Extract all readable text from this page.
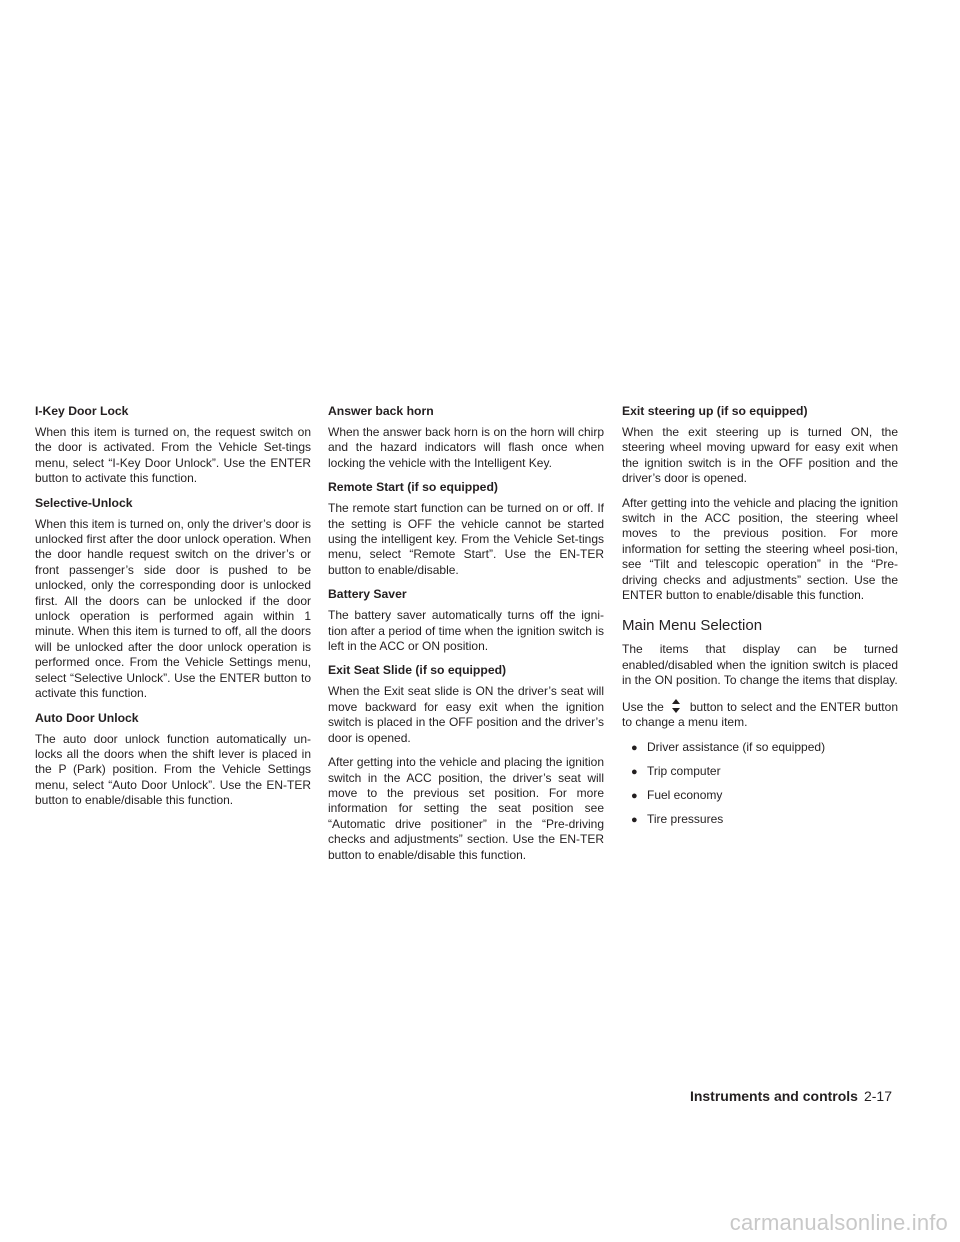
I-Key Door Lock

When this item is turned on, the request switch on the door is activated. From the Vehicle Set-tings menu, select “I-Key Door Unlock”. Use the ENTER button to activate this function.

Selective-Unlock

When this item is turned on, only the driver’s door is unlocked first after the door unlock operation. When the door handle request switch on the driver’s or front passenger’s side door is pushed to be unlocked, only the corresponding door is unlocked first. All the doors can be unlocked if the door unlock operation is performed again within 1 minute. When this item is turned to off, all the doors will be unlocked after the door unlock operation is performed once. From the Vehicle Settings menu, select “Selective Unlock”. Use the ENTER button to activate this function.

Auto Door Unlock

The auto door unlock function automatically un-locks all the doors when the shift lever is placed in the P (Park) position. From the Vehicle Settings menu, select “Auto Door Unlock”. Use the EN-TER button to enable/disable this function.

Answer back horn

When the answer back horn is on the horn will chirp and the hazard indicators will flash once when locking the vehicle with the Intelligent Key.

Remote Start (if so equipped)

The remote start function can be turned on or off. If the setting is OFF the vehicle cannot be started using the intelligent key. From the Vehicle Set-tings menu, select “Remote Start”. Use the EN-TER button to enable/disable.

Battery Saver

The battery saver automatically turns off the igni-tion after a period of time when the ignition switch is left in the ACC or ON position.

Exit Seat Slide (if so equipped)

When the Exit seat slide is ON the driver’s seat will move backward for easy exit when the ignition switch is placed in the OFF position and the driver’s door is opened.

After getting into the vehicle and placing the ignition switch in the ACC position, the driver’s seat will move to the previous set position. For more information for setting the seat position see “Automatic drive positioner” in the “Pre-driving checks and adjustments” section. Use the EN-TER button to enable/disable this function.

Exit steering up (if so equipped)

When the exit steering up is turned ON, the steering wheel moving upward for easy exit when the ignition switch is in the OFF position and the driver’s door is opened.

After getting into the vehicle and placing the ignition switch in the ACC position, the steering wheel moves to the previous position. For more information for setting the steering wheel posi-tion, see “Tilt and telescopic operation” in the “Pre-driving checks and adjustments” section. Use the ENTER button to enable/disable this function.

Main Menu Selection

The items that display can be turned enabled/disabled when the ignition switch is placed in the ON position. To change the items that display.

Use the button to select and the ENTER button to change a menu item.

● Driver assistance (if so equipped)
● Trip computer
● Fuel economy
● Tire pressures
Instruments and controls 2-17
carmanualsonline.info
